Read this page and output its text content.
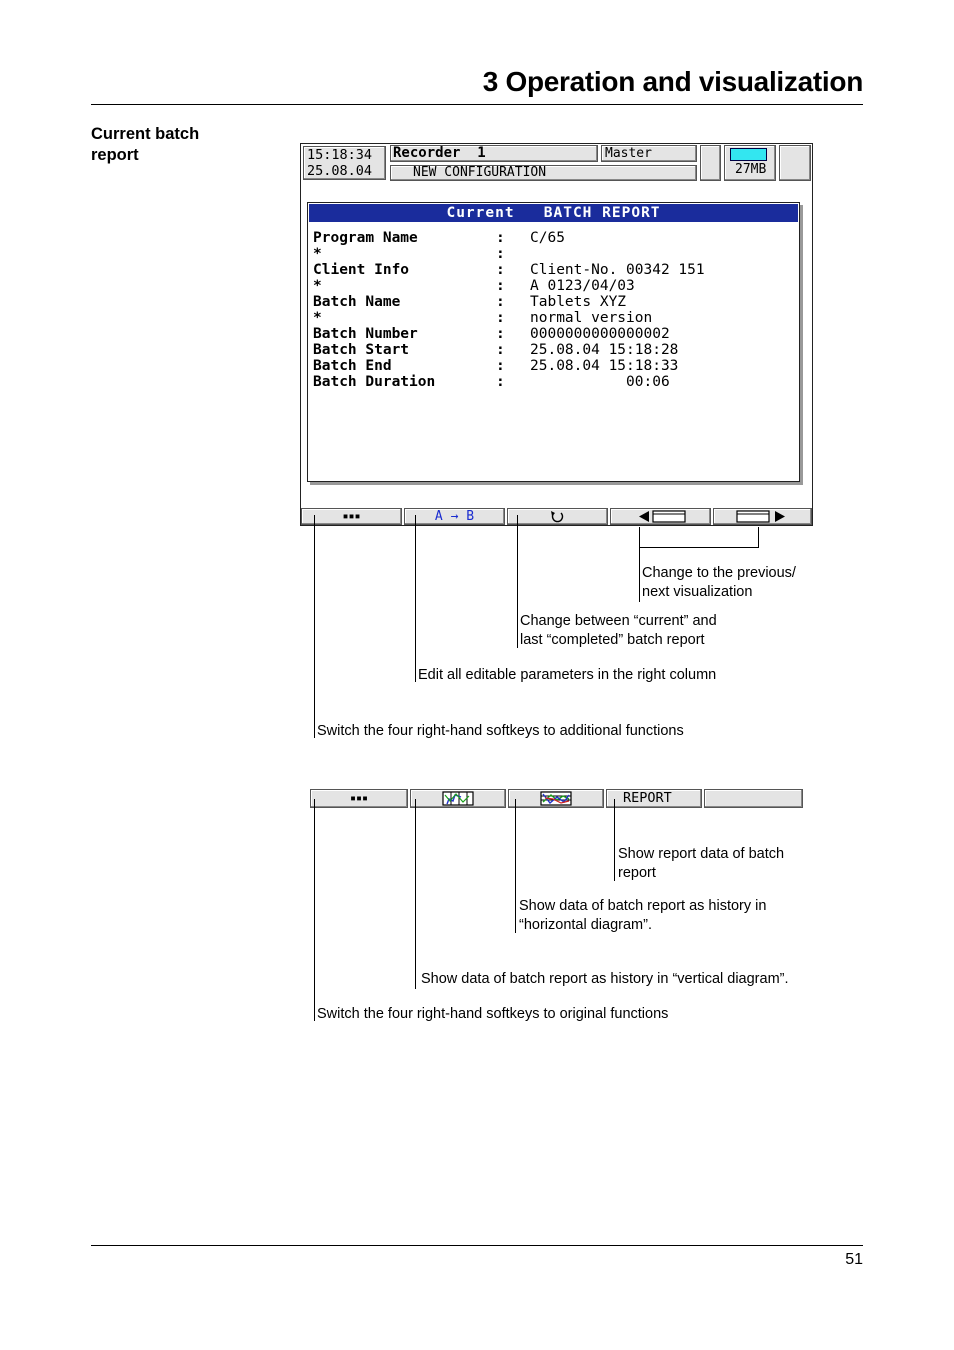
3 Operation and visualization
Current batch report	15:18:34
25.08.04
Recorder  1	Master
NEW CONFIGURATION	27MB
Current   BATCH REPORT
Program Name	: C/65
*	:
Client Info	: Client-No. 00342 151
*	: A 0123/04/03
Batch Name	: Tablets XYZ
*	: normal version
Batch Number	: 0000000000000002
Batch Start	: 25.08.04 15:18:28
Batch End	: 25.08.04 15:18:33
Batch Duration	: 00:06
▪▪▪	A → B
Change to the previous/
next visualization
Change between “current” and
last “completed” batch report
Edit all editable parameters in the right column
Switch the four right-hand softkeys to additional functions
▪▪▪	REPORT
Show report data of batch
report
Show data of batch report as history in
“horizontal diagram”.
Show data of batch report as history in “vertical diagram”.
Switch the four right-hand softkeys to original functions
51
